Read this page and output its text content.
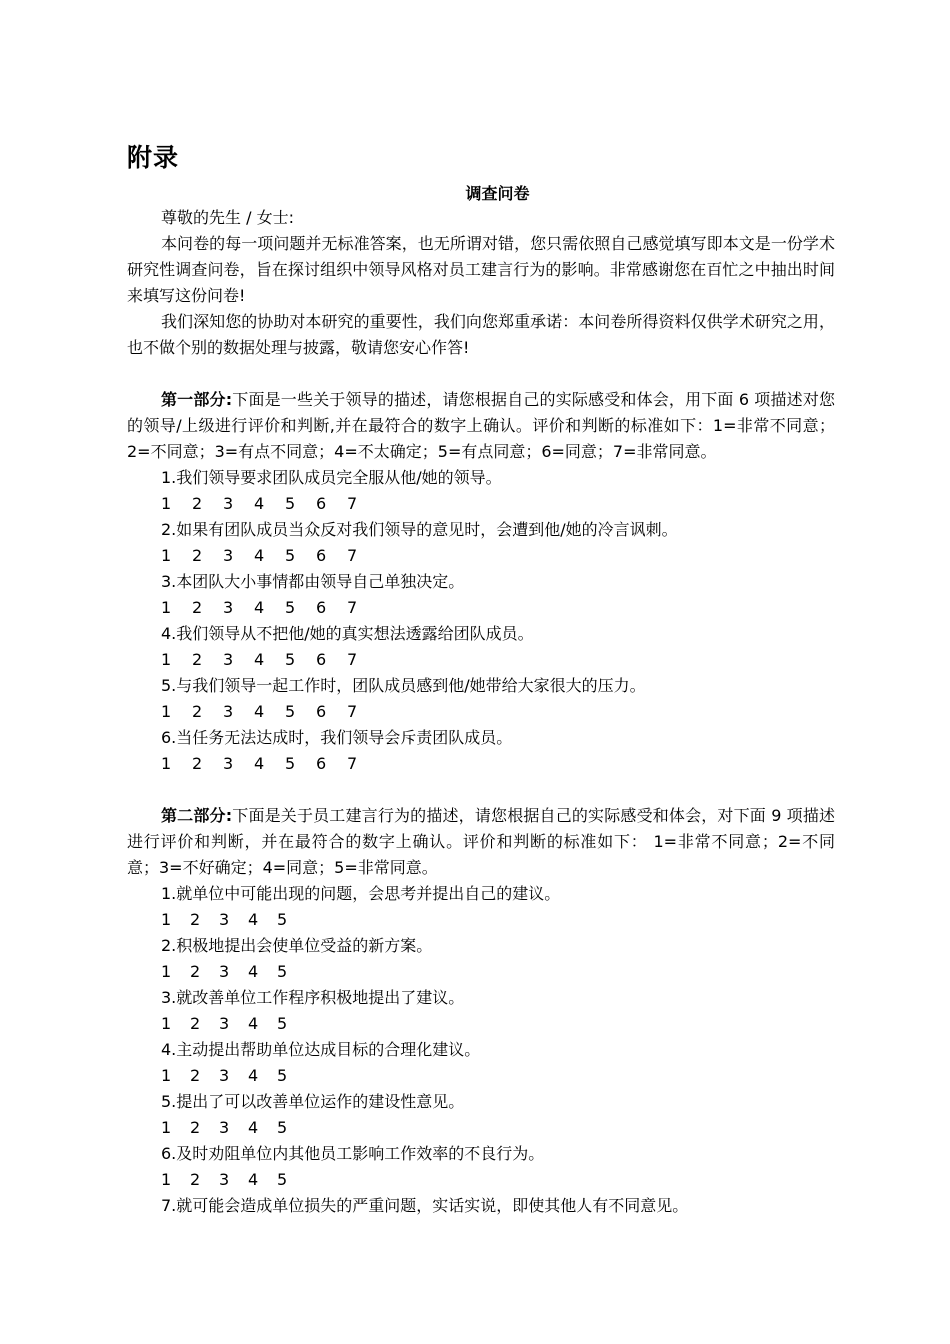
附录
调查问卷

尊敬的先生 / 女士:

本问卷的每一项问题并无标准答案，也无所谓对错，您只需依照自己感觉填写即本文是一份学术研究性调查问卷，旨在探讨组织中领导风格对员工建言行为的影响。非常感谢您在百忙之中抽出时间来填写这份问卷!

我们深知您的协助对本研究的重要性，我们向您郑重承诺：本问卷所得资料仅供学术研究之用，也不做个别的数据处理与披露，敬请您安心作答!

第一部分:下面是一些关于领导的描述，请您根据自己的实际感受和体会，用下面 6 项描述对您的领导/上级进行评价和判断,并在最符合的数字上确认。评价和判断的标准如下：1=非常不同意；2=不同意；3=有点不同意；4=不太确定；5=有点同意；6=同意；7=非常同意。

1.我们领导要求团队成员完全服从他/她的领导。

1 2 3 4 5 6 7

2.如果有团队成员当众反对我们领导的意见时，会遭到他/她的冷言讽刺。

1 2 3 4 5 6 7

3.本团队大小事情都由领导自己单独决定。

1 2 3 4 5 6 7

4.我们领导从不把他/她的真实想法透露给团队成员。

1 2 3 4 5 6 7

5.与我们领导一起工作时，团队成员感到他/她带给大家很大的压力。

1 2 3 4 5 6 7

6.当任务无法达成时，我们领导会斥责团队成员。

1 2 3 4 5 6 7

第二部分:下面是关于员工建言行为的描述，请您根据自己的实际感受和体会，对下面 9 项描述进行评价和判断，并在最符合的数字上确认。评价和判断的标准如下： 1=非常不同意；2=不同意；3=不好确定；4=同意；5=非常同意。

1.就单位中可能出现的问题，会思考并提出自己的建议。

1 2 3 4 5

2.积极地提出会使单位受益的新方案。

1 2 3 4 5

3.就改善单位工作程序积极地提出了建议。

1 2 3 4 5

4.主动提出帮助单位达成目标的合理化建议。

1 2 3 4 5

5.提出了可以改善单位运作的建设性意见。

1 2 3 4 5

6.及时劝阻单位内其他员工影响工作效率的不良行为。

1 2 3 4 5

7.就可能会造成单位损失的严重问题，实话实说，即使其他人有不同意见。
